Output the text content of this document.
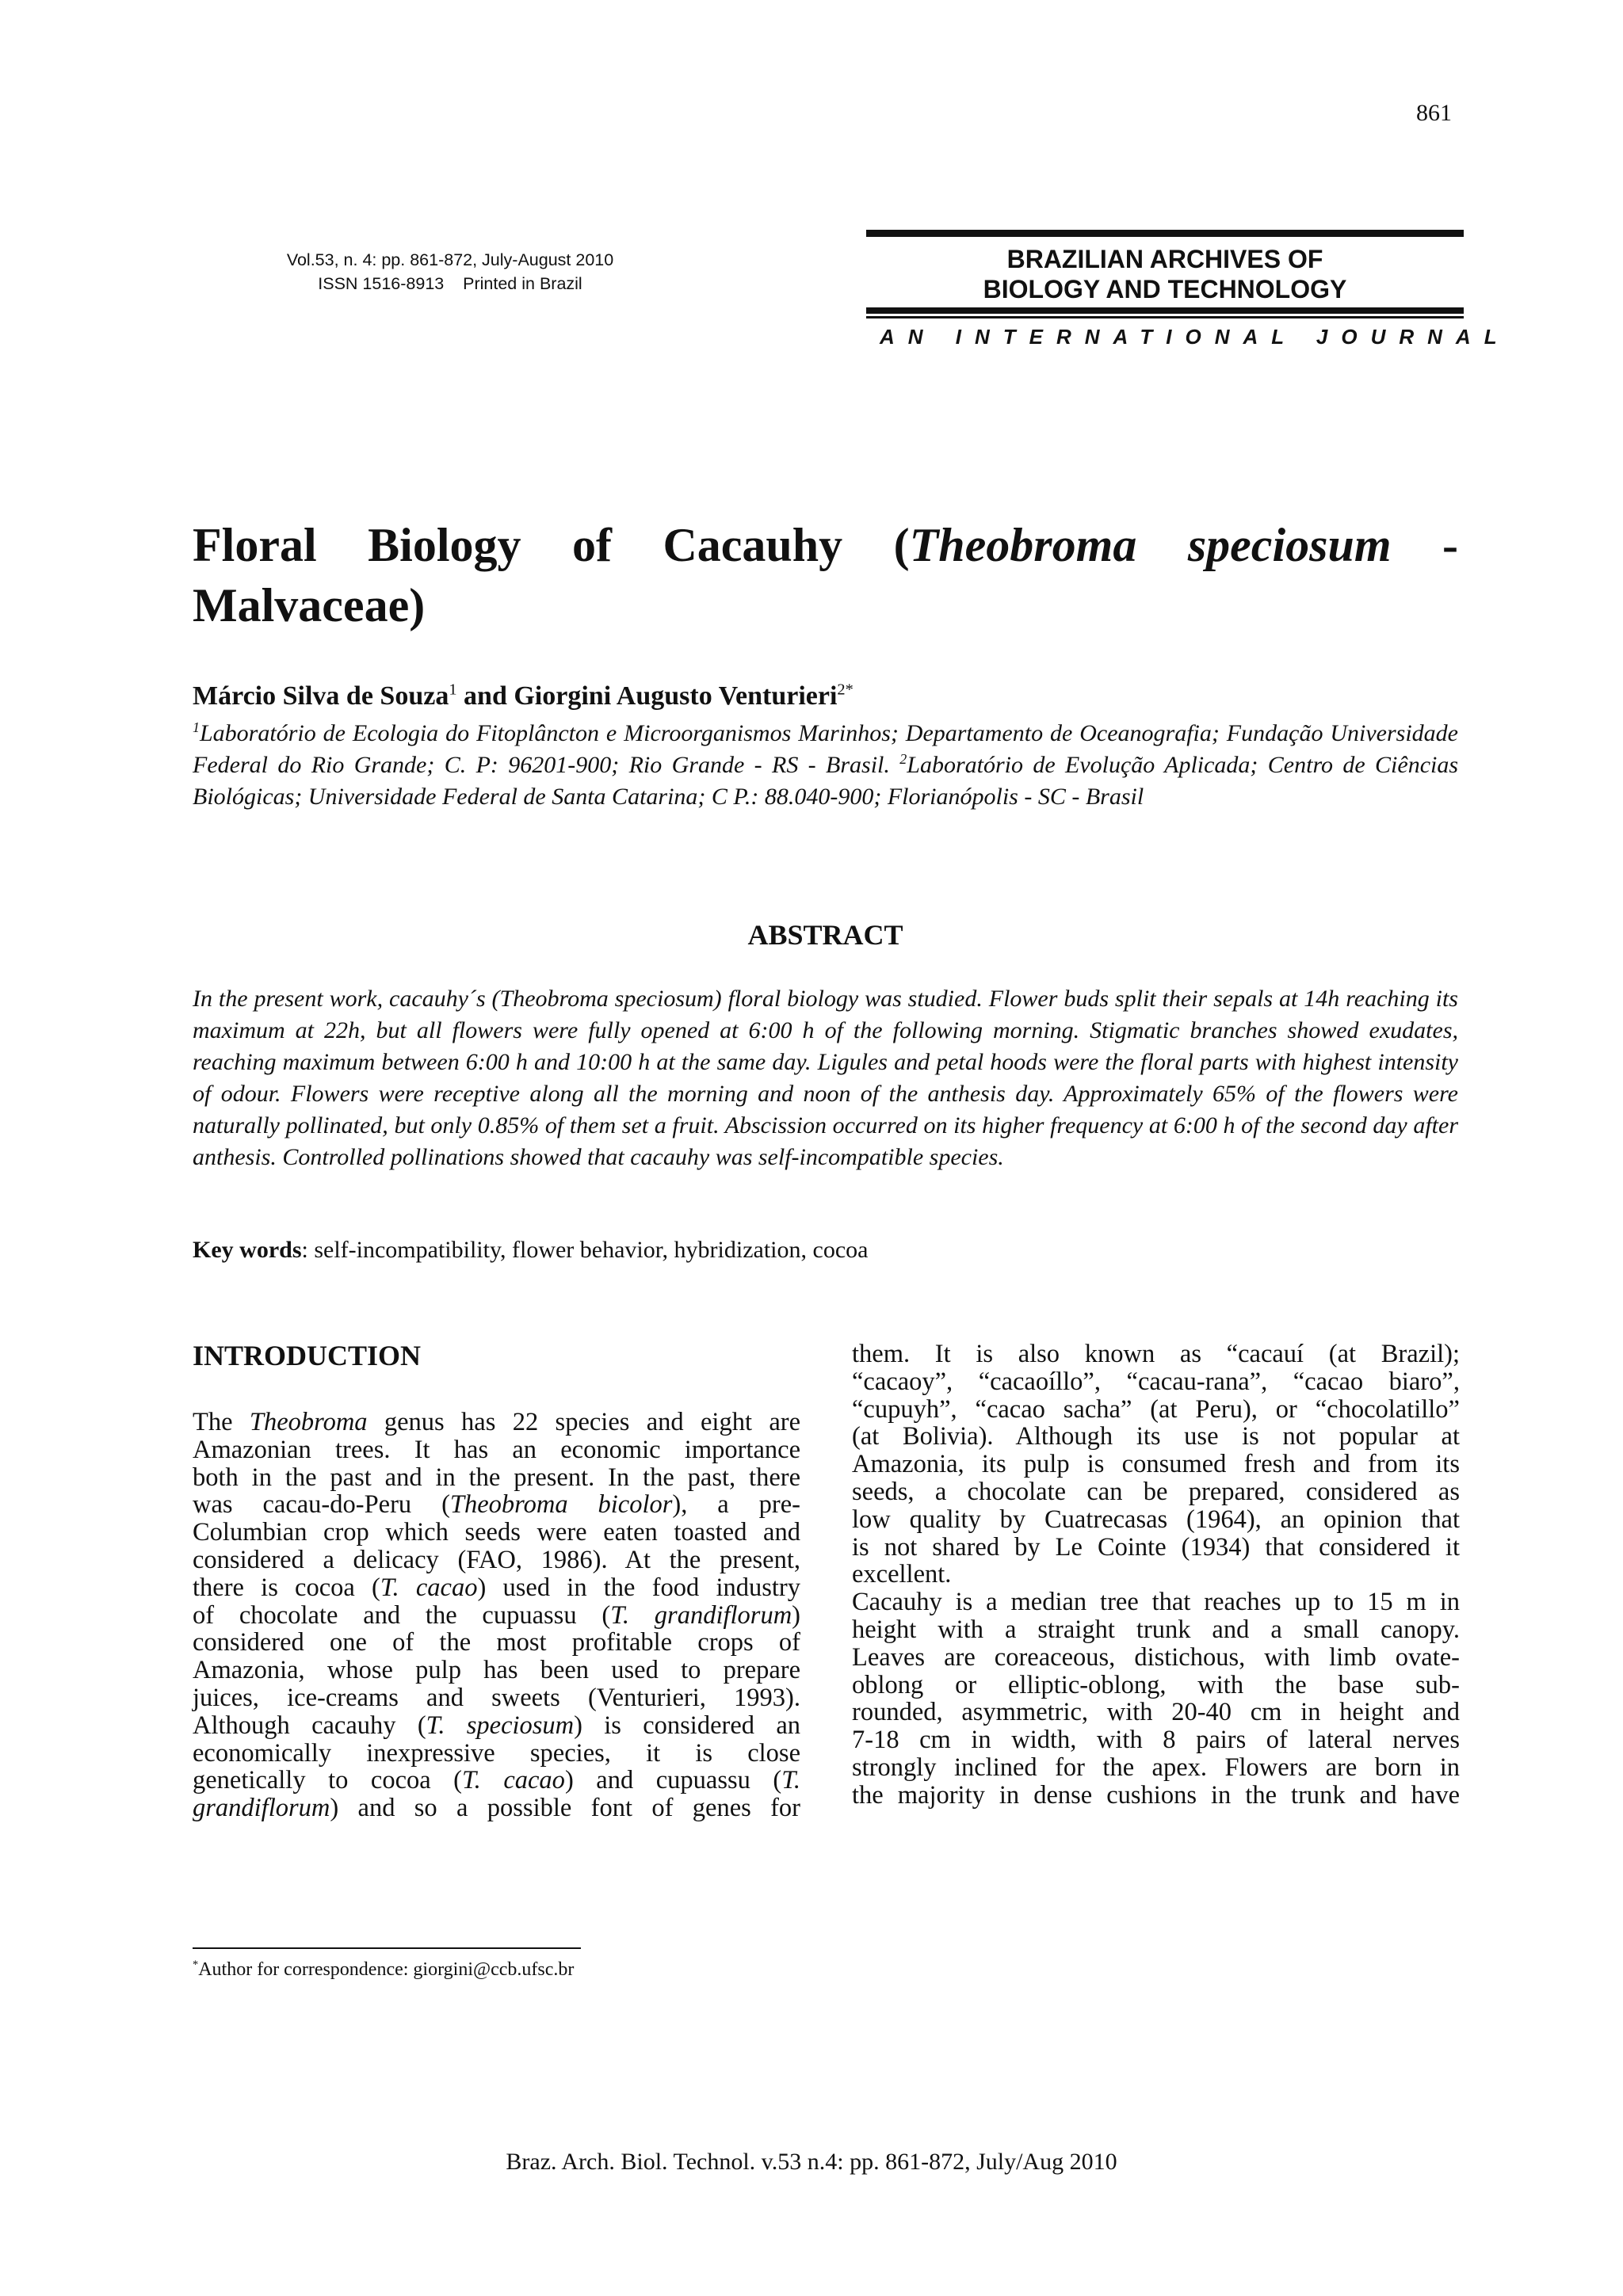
861
Vol.53, n. 4: pp. 861-872, July-August 2010
ISSN 1516-8913    Printed in Brazil
BRAZILIAN ARCHIVES OF
BIOLOGY AND TECHNOLOGY
AN INTERNATIONAL JOURNAL
Floral Biology of Cacauhy (Theobroma speciosum -
Malvaceae)
Márcio Silva de Souza$^1$ and Giorgini Augusto Venturieri$^{2*}$
$^1$Laboratório de Ecologia do Fitoplâncton e Microorganismos Marinhos; Departamento de Oceanografia; Fundação Universidade Federal do Rio Grande; C. P: 96201-900; Rio Grande - RS - Brasil. $^2$Laboratório de Evolução Aplicada; Centro de Ciências Biológicas; Universidade Federal de Santa Catarina; C P.: 88.040-900; Florianópolis - SC - Brasil
ABSTRACT
In the present work, cacauhy´s (Theobroma speciosum) floral biology was studied. Flower buds split their sepals at 14h reaching its maximum at 22h, but all flowers were fully opened at 6:00 h of the following morning. Stigmatic branches showed exudates, reaching maximum between 6:00 h and 10:00 h at the same day. Ligules and petal hoods were the floral parts with highest intensity of odour. Flowers were receptive along all the morning and noon of the anthesis day. Approximately 65% of the flowers were naturally pollinated, but only 0.85% of them set a fruit. Abscission occurred on its higher frequency at 6:00 h of the second day after anthesis. Controlled pollinations showed that cacauhy was self-incompatible species.
Key words: self-incompatibility, flower behavior, hybridization, cocoa
INTRODUCTION
The Theobroma genus has 22 species and eight are
Amazonian trees. It has an economic importance
both in the past and in the present. In the past, there
was cacau-do-Peru (Theobroma bicolor), a pre-
Columbian crop which seeds were eaten toasted and
considered a delicacy (FAO, 1986). At the present,
there is cocoa (T. cacao) used in the food industry
of chocolate and the cupuassu (T. grandiflorum)
considered one of the most profitable crops of
Amazonia, whose pulp has been used to prepare
juices, ice-creams and sweets (Venturieri, 1993).
Although cacauhy (T. speciosum) is considered an
economically inexpressive species, it is close
genetically to cocoa (T. cacao) and cupuassu (T.
grandiflorum) and so a possible font of genes for
them. It is also known as “cacauí (at Brazil);
“cacaoy”, “cacaoíllo”, “cacau-rana”, “cacao biaro”,
“cupuyh”, “cacao sacha” (at Peru), or “chocolatillo”
(at Bolivia). Although its use is not popular at
Amazonia, its pulp is consumed fresh and from its
seeds, a chocolate can be prepared, considered as
low quality by Cuatrecasas (1964), an opinion that
is not shared by Le Cointe (1934) that considered it
excellent.
Cacauhy is a median tree that reaches up to 15 m in
height with a straight trunk and a small canopy.
Leaves are coreaceous, distichous, with limb ovate-
oblong or elliptic-oblong, with the base sub-
rounded, asymmetric, with 20-40 cm in height and
7-18 cm in width, with 8 pairs of lateral nerves
strongly inclined for the apex. Flowers are born in
the majority in dense cushions in the trunk and have
*Author for correspondence: giorgini@ccb.ufsc.br
Braz. Arch. Biol. Technol. v.53 n.4: pp. 861-872, July/Aug 2010
